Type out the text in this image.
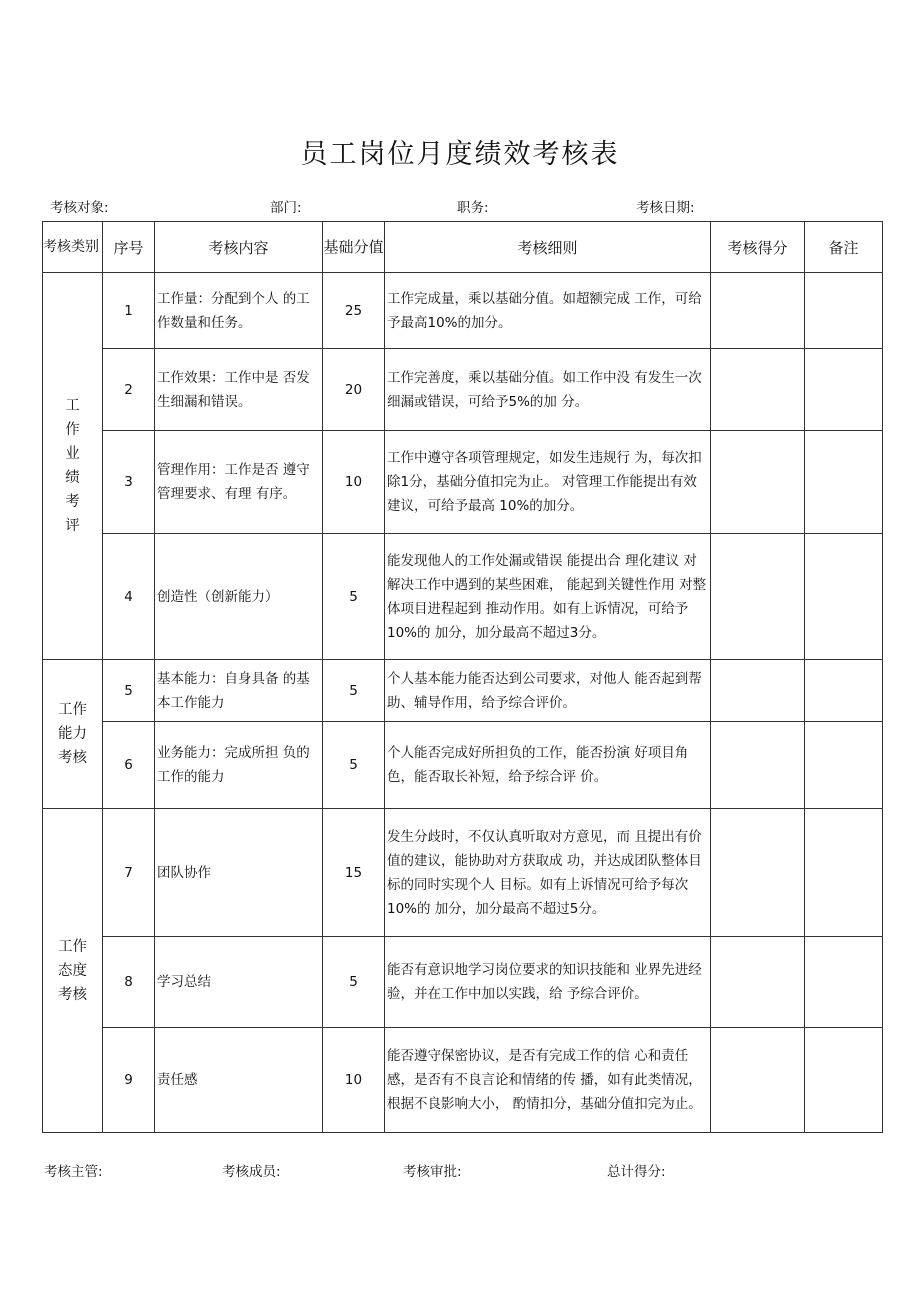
员工岗位月度绩效考核表
考核对象:	部门:	职务:	考核日期:
考核类别	序号	考核内容	基础分值	考核细则	考核得分	备注

工作业绩考评	1	工作量：分配到个人 的工作数量和任务。	25	工作完成量，乘以基础分值。如超额完成 工作，可给予最高10%的加分。		
	2	工作效果：工作中是 否发生细漏和错误。	20	工作完善度，乘以基础分值。如工作中没 有发生一次细漏或错误，可给予5%的加 分。		
	3	管理作用：工作是否 遵守管理要求、有理 有序。	10	工作中遵守各项管理规定，如发生违规行 为，每次扣除1分，基础分值扣完为止。 对管理工作能提出有效建议，可给予最高 10%的加分。		
	4	创造性（创新能力）	5	能发现他人的工作处漏或错误 能提出合 理化建议 对解决工作中遇到的某些困难， 能起到关键性作用 对整体项目进程起到 推动作用。如有上诉情况，可给予10%的 加分，加分最高不超过3分。		

工作能力考核	5	基本能力：自身具备 的基本工作能力	5	个人基本能力能否达到公司要求，对他人 能否起到帮助、辅导作用，给予综合评价。		
	6	业务能力：完成所担 负的工作的能力	5	个人能否完成好所担负的工作，能否扮演 好项目角色，能否取长补短，给予综合评 价。		

工作态度考核	7	团队协作	15	发生分歧时，不仅认真听取对方意见，而 且提出有价值的建议，能协助对方获取成 功，并达成团队整体目标的同时实现个人 目标。如有上诉情况可给予每次10%的 加分，加分最高不超过5分。		
	8	学习总结	5	能否有意识地学习岗位要求的知识技能和 业界先进经验，并在工作中加以实践，给 予综合评价。		
	9	责任感	10	能否遵守保密协议，是否有完成工作的信 心和责任感，是否有不良言论和情绪的传 播，如有此类情况，根据不良影响大小， 酌情扣分，基础分值扣完为止。		
考核主管:	考核成员:	考核审批:	总计得分:
